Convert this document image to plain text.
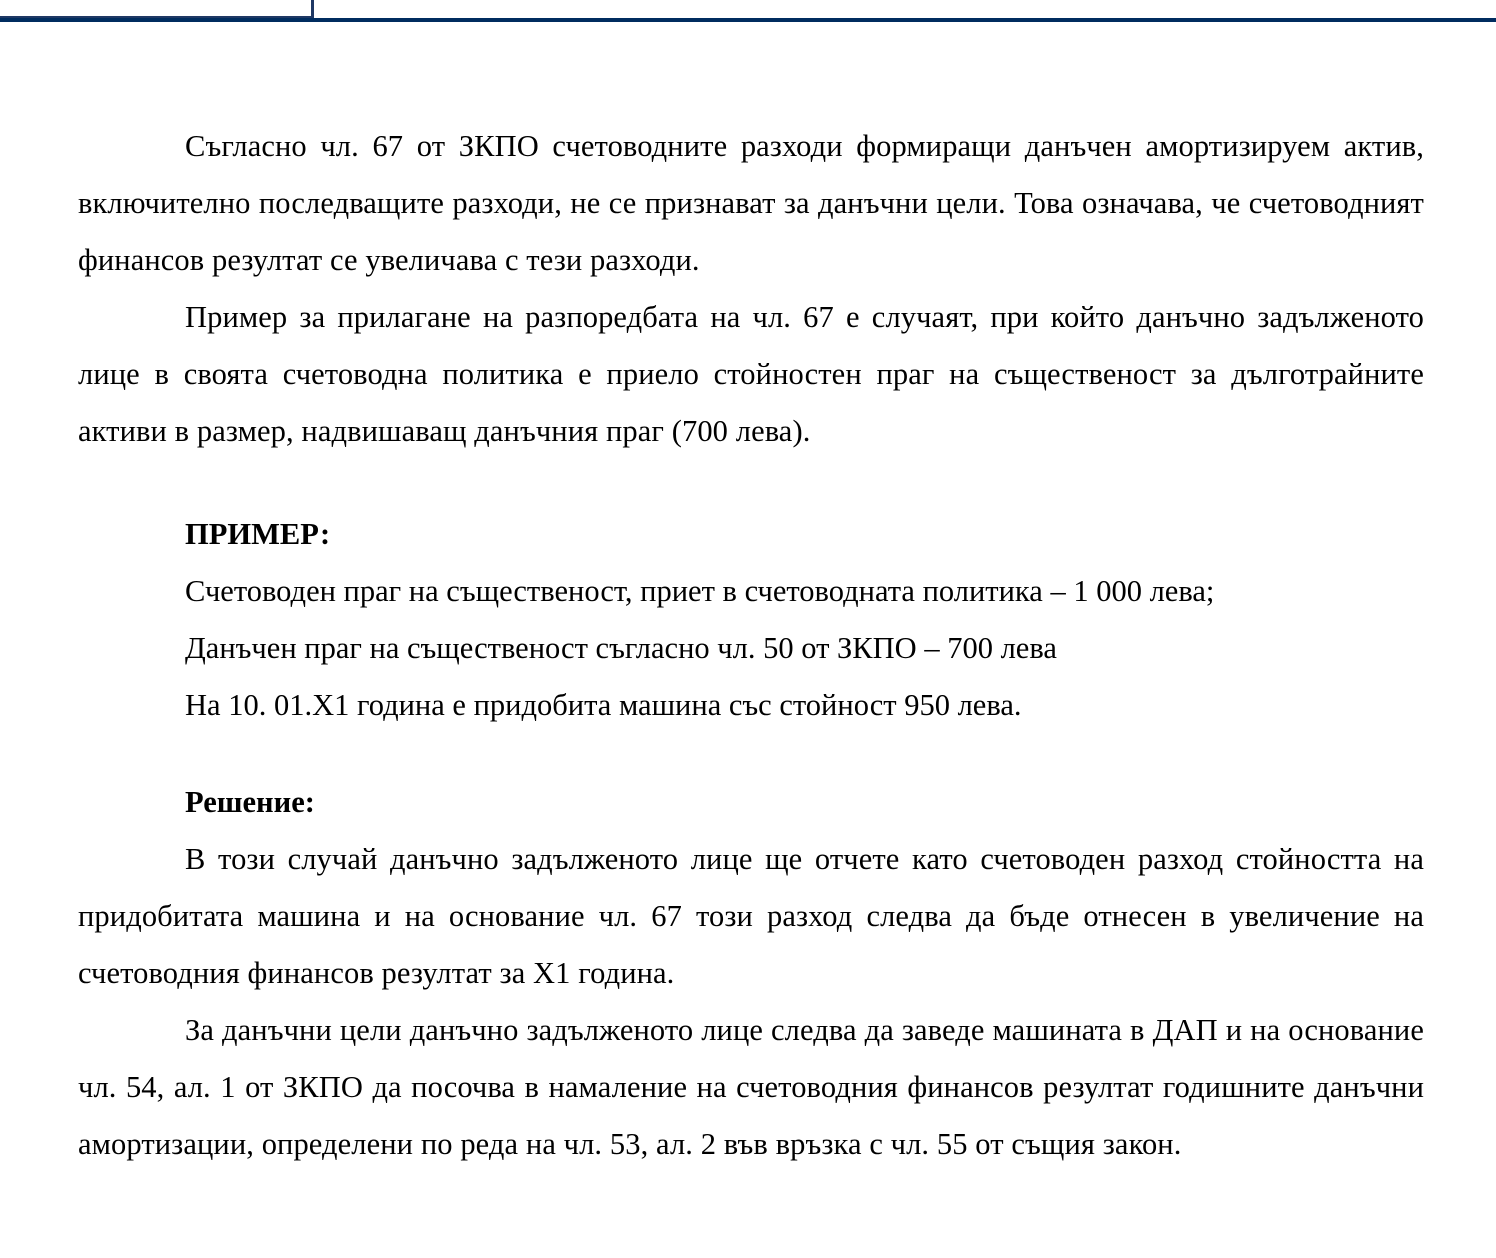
Съгласно чл. 67 от ЗКПО счетоводните разходи формиращи данъчен амортизируем актив, включително последващите разходи, не се признават за данъчни цели. Това означава, че счетоводният финансов резултат се увеличава с тези разходи.

Пример за прилагане на разпоредбата на чл. 67 е случаят, при който данъчно задълженото лице в своята счетоводна политика е приело стойностен праг на същественост за дълготрайните активи в размер, надвишаващ данъчния праг (700 лева).

ПРИМЕР:

Счетоводен праг на същественост, приет в счетоводната политика – 1 000 лева;

Данъчен праг на същественост съгласно чл. 50 от ЗКПО – 700 лева

На 10. 01.Х1 година е придобита машина със стойност 950 лева.

Решение:

В този случай данъчно задълженото лице ще отчете като счетоводен разход стойността на придобитата машина и на основание чл. 67 този разход следва да бъде отнесен в увеличение на счетоводния финансов резултат за Х1 година.

За данъчни цели данъчно задълженото лице следва да заведе машината в ДАП и на основание чл. 54, ал. 1 от ЗКПО да посочва в намаление на счетоводния финансов резултат годишните данъчни амортизации, определени по реда на чл. 53, ал. 2 във връзка с чл. 55 от същия закон.
